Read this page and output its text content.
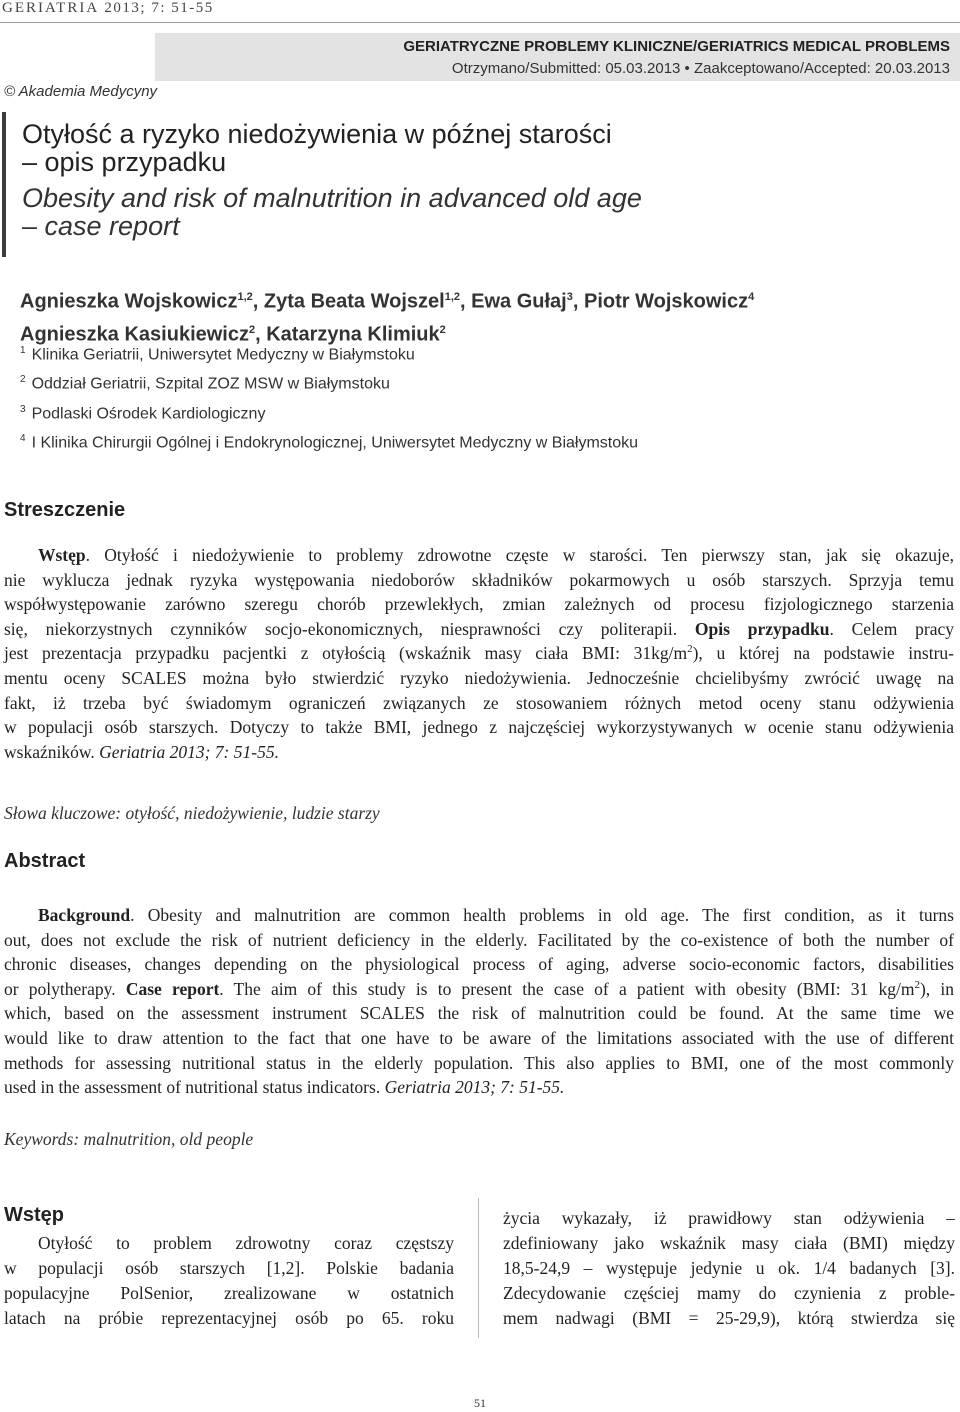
GERIATRIA 2013; 7: 51-55
GERIATRYCZNE PROBLEMY KLINICZNE/GERIATRICS MEDICAL PROBLEMS
Otrzymano/Submitted: 05.03.2013 • Zaakceptowano/Accepted: 20.03.2013
© Akademia Medycyny
Otyłość a ryzyko niedożywienia w późnej starości
– opis przypadku
Obesity and risk of malnutrition in advanced old age
– case report
Agnieszka Wojskowicz$^{1,2}$, Zyta Beata Wojszel$^{1,2}$, Ewa Gułaj$^3$, Piotr Wojskowicz$^4$
Agnieszka Kasiukiewicz$^2$, Katarzyna Klimiuk$^2$
$^1$ Klinika Geriatrii, Uniwersytet Medyczny w Białymstoku
$^2$ Oddział Geriatrii, Szpital ZOZ MSW w Białymstoku
$^3$ Podlaski Ośrodek Kardiologiczny
$^4$ I Klinika Chirurgii Ogólnej i Endokrynologicznej, Uniwersytet Medyczny w Białymstoku
Streszczenie
Wstęp. Otyłość i niedożywienie to problemy zdrowotne częste w starości. Ten pierwszy stan, jak się okazuje,
nie wyklucza jednak ryzyka występowania niedoborów składników pokarmowych u osób starszych. Sprzyja temu
współwystępowanie zarówno szeregu chorób przewlekłych, zmian zależnych od procesu fizjologicznego starzenia
się, niekorzystnych czynników socjo-ekonomicznych, niesprawności czy politerapii. Opis przypadku. Celem pracy
jest prezentacja przypadku pacjentki z otyłością (wskaźnik masy ciała BMI: $31kg/m^2$), u której na podstawie instru-
mentu oceny SCALES można było stwierdzić ryzyko niedożywienia. Jednocześnie chcielibyśmy zwrócić uwagę na
fakt, iż trzeba być świadomym ograniczeń związanych ze stosowaniem różnych metod oceny stanu odżywienia
w populacji osób starszych. Dotyczy to także BMI, jednego z najczęściej wykorzystywanych w ocenie stanu odżywienia
wskaźników. Geriatria 2013; 7: 51-55.
Słowa kluczowe: otyłość, niedożywienie, ludzie starzy
Abstract
Background. Obesity and malnutrition are common health problems in old age. The first condition, as it turns
out, does not exclude the risk of nutrient deficiency in the elderly. Facilitated by the co-existence of both the number of
chronic diseases, changes depending on the physiological process of aging, adverse socio-economic factors, disabilities
or polytherapy. Case report. The aim of this study is to present the case of a patient with obesity (BMI: 31 $kg/m^2$), in
which, based on the assessment instrument SCALES the risk of malnutrition could be found. At the same time we
would like to draw attention to the fact that one have to be aware of the limitations associated with the use of different
methods for assessing nutritional status in the elderly population. This also applies to BMI, one of the most commonly
used in the assessment of nutritional status indicators. Geriatria 2013; 7: 51-55.
Keywords: malnutrition, old people
Wstęp
Otyłość to problem zdrowotny coraz częstszy
w populacji osób starszych [1,2]. Polskie badania
populacyjne PolSenior, zrealizowane w ostatnich
latach na próbie reprezentacyjnej osób po 65. roku
życia wykazały, iż prawidłowy stan odżywienia –
zdefiniowany jako wskaźnik masy ciała (BMI) między
18,5-24,9 – występuje jedynie u ok. 1/4 badanych [3].
Zdecydowanie częściej mamy do czynienia z proble-
mem nadwagi (BMI = 25-29,9), którą stwierdza się
51
